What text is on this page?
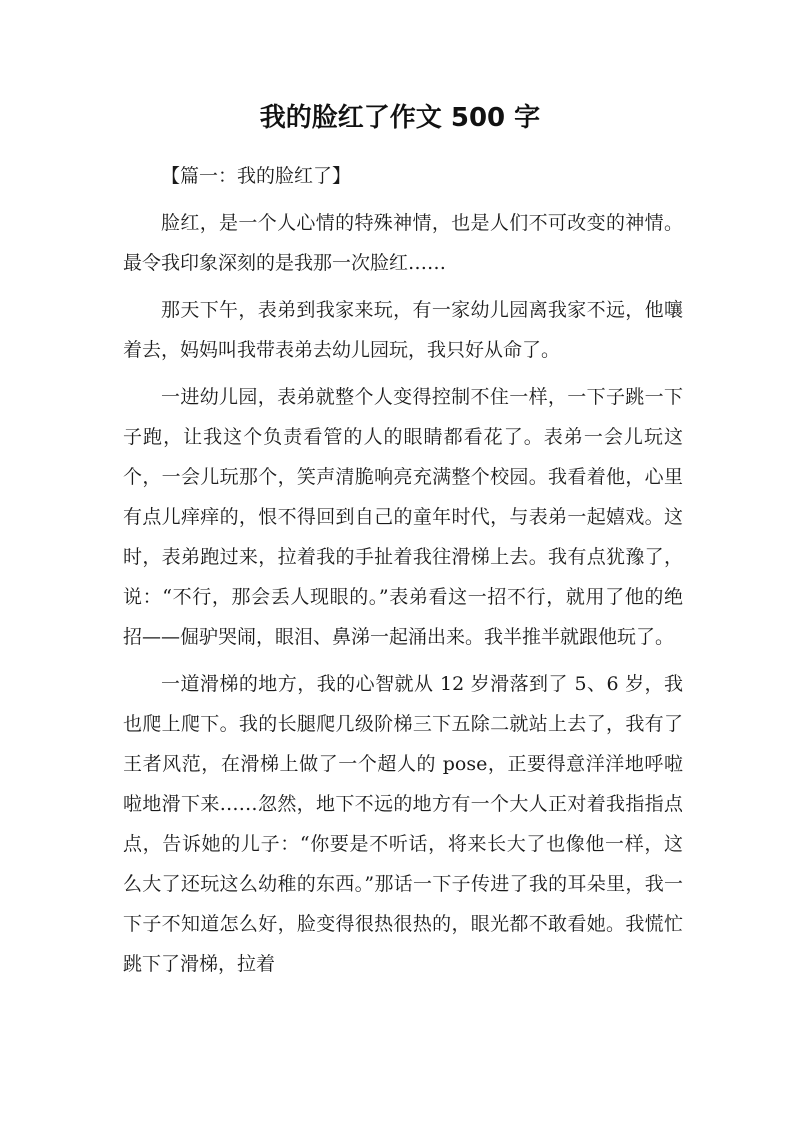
我的脸红了作文 500 字

【篇一：我的脸红了】

脸红，是一个人心情的特殊神情，也是人们不可改变的神情。最令我印象深刻的是我那一次脸红……

那天下午，表弟到我家来玩，有一家幼儿园离我家不远，他嚷着去，妈妈叫我带表弟去幼儿园玩，我只好从命了。

一进幼儿园，表弟就整个人变得控制不住一样，一下子跳一下子跑，让我这个负责看管的人的眼睛都看花了。表弟一会儿玩这个，一会儿玩那个，笑声清脆响亮充满整个校园。我看着他，心里有点儿痒痒的，恨不得回到自己的童年时代，与表弟一起嬉戏。这时，表弟跑过来，拉着我的手扯着我往滑梯上去。我有点犹豫了，说：“不行，那会丢人现眼的。”表弟看这一招不行，就用了他的绝招——倔驴哭闹，眼泪、鼻涕一起涌出来。我半推半就跟他玩了。

一道滑梯的地方，我的心智就从 12 岁滑落到了 5、6 岁，我也爬上爬下。我的长腿爬几级阶梯三下五除二就站上去了，我有了王者风范，在滑梯上做了一个超人的 pose，正要得意洋洋地呼啦啦地滑下来……忽然，地下不远的地方有一个大人正对着我指指点点，告诉她的儿子：“你要是不听话，将来长大了也像他一样，这么大了还玩这么幼稚的东西。”那话一下子传进了我的耳朵里，我一下子不知道怎么好，脸变得很热很热的，眼光都不敢看她。我慌忙跳下了滑梯，拉着
